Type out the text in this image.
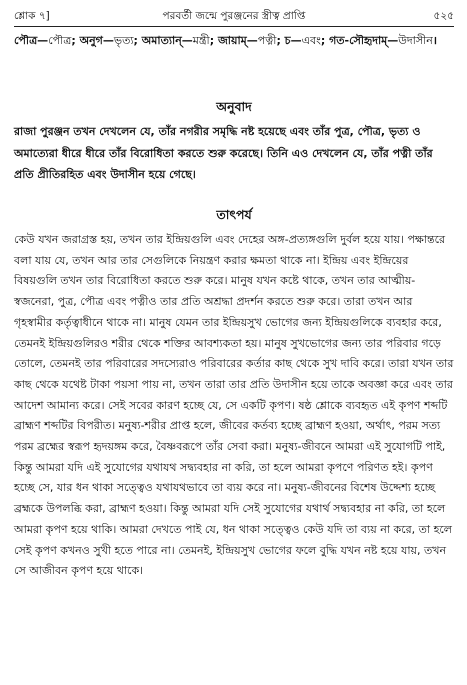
পরবর্তী জন্মে পুরঞ্জনের স্ত্রীত্ব প্রাপ্তি
শ্লোক ৭]	৫২৫
পৌত্র—পৌত্র; অনুগ—ভৃত্য; অমাত্যান্—মন্ত্রী; জায়াম্—পত্নী; চ—এবং; গত-সৌহৃদাম্—উদাসীন।
অনুবাদ
রাজা পুরঞ্জন তখন দেখলেন যে, তাঁর নগরীর সমৃদ্ধি নষ্ট হয়েছে এবং তাঁর পুত্র, পৌত্র, ভৃত্য ও অমাত্যেরা ধীরে ধীরে তাঁর বিরোধিতা করতে শুরু করেছে। তিনি এও দেখলেন যে, তাঁর পত্নী তাঁর প্রতি প্রীতিরহিত এবং উদাসীন হয়ে গেছে।
তাৎপর্য
কেউ যখন জরাগ্রস্ত হয়, তখন তার ইন্দ্রিয়গুলি এবং দেহের অঙ্গ-প্রত্যঙ্গগুলি দুর্বল হয়ে যায়। পক্ষান্তরে বলা যায় যে, তখন আর তার সেগুলিকে নিয়ন্ত্রণ করার ক্ষমতা থাকে না। ইন্দ্রিয় এবং ইন্দ্রিয়ের বিষয়গুলি তখন তার বিরোধিতা করতে শুরু করে। মানুষ যখন কষ্টে থাকে, তখন তার আত্মীয়-স্বজনেরা, পুত্র, পৌত্র এবং পত্নীও তার প্রতি অশ্রদ্ধা প্রদর্শন করতে শুরু করে। তারা তখন আর গৃহস্বামীর কর্তৃত্বাধীনে থাকে না। মানুষ যেমন তার ইন্দ্রিয়সুখ ভোগের জন্য ইন্দ্রিয়গুলিকে ব্যবহার করে, তেমনই ইন্দ্রিয়গুলিরও শরীর থেকে শক্তির আবশ্যকতা হয়। মানুষ সুখভোগের জন্য তার পরিবার গড়ে তোলে, তেমনই তার পরিবারের সদস্যেরাও পরিবারের কর্তার কাছ থেকে সুখ দাবি করে। তারা যখন তার কাছ থেকে যথেষ্ট টাকা পয়সা পায় না, তখন তারা তার প্রতি উদাসীন হয়ে তাকে অবজ্ঞা করে এবং তার আদেশ আমান্য করে। সেই সবের কারণ হচ্ছে যে, সে একটি কৃপণ। ষষ্ঠ শ্লোকে ব্যবহৃত এই কৃপণ শব্দটি ব্রাহ্মণ শব্দটির বিপরীত। মনুষ্য-শরীর প্রাপ্ত হলে, জীবের কর্তব্য হচ্ছে ব্রাহ্মণ হওয়া, অর্থাৎ, পরম সত্য পরম ব্রহ্মের স্বরূপ হৃদয়ঙ্গম করে, বৈষ্ণবরূপে তাঁর সেবা করা। মনুষ্য-জীবনে আমরা এই সুযোগটি পাই, কিন্তু আমরা যদি এই সুযোগের যথাযথ সদ্ব্যবহার না করি, তা হলে আমরা কৃপণে পরিণত হই। কৃপণ হচ্ছে সে, যার ধন থাকা সত্ত্বেও যথাযথভাবে তা ব্যয় করে না। মনুষ্য-জীবনের বিশেষ উদ্দেশ্য হচ্ছে ব্রহ্মকে উপলব্ধি করা, ব্রাহ্মণ হওয়া। কিন্তু আমরা যদি সেই সুযোগের যথার্থ সদ্ব্যবহার না করি, তা হলে আমরা কৃপণ হয়ে থাকি। আমরা দেখতে পাই যে, ধন থাকা সত্ত্বেও কেউ যদি তা ব্যয় না করে, তা হলে সেই কৃপণ কখনও সুখী হতে পারে না। তেমনই, ইন্দ্রিয়সুখ ভোগের ফলে বুদ্ধি যখন নষ্ট হয়ে যায়, তখন সে আজীবন কৃপণ হয়ে থাকে।
